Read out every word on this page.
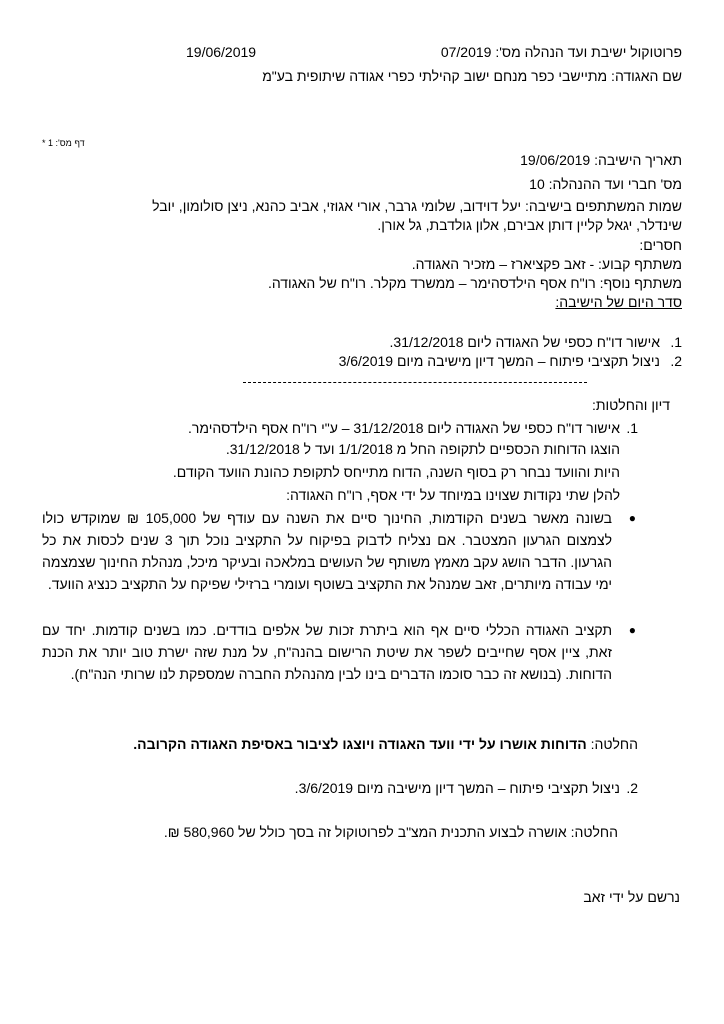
פרוטוקול ישיבת ועד הנהלה מס': 07/2019
19/06/2019
שם האגודה: מתיישבי כפר מנחם ישוב קהילתי כפרי אגודה שיתופית בע"מ
דף מס': 1 *
תאריך הישיבה: 19/06/2019
מס' חברי ועד ההנהלה: 10
שמות המשתתפים בישיבה: יעל דוידוב, שלומי גרבר, אורי אגוזי, אביב כהנא, ניצן סולומון, יובל
שינדלר, יגאל קליין דותן אבירם, אלון גולדבת, גל אורן.
חסרים:
משתתף קבוע: - זאב פקציארז – מזכיר האגודה.
משתתף נוסף: רו"ח אסף הילדסהימר – ממשרד מקלר. רו"ח של האגודה.
סדר היום של הישיבה:
1.
אישור דו"ח כספי של האגודה ליום 31/12/2018.
2.
ניצול תקציבי פיתוח – המשך דיון מישיבה מיום 3/6/2019
דיון והחלטות:
1.
אישור דו"ח כספי של האגודה ליום 31/12/2018 – ע"י רו"ח אסף הילדסהימר.
הוצגו הדוחות הכספיים לתקופה החל מ 1/1/2018 ועד ל 31/12/2018.
היות והוועד נבחר רק בסוף השנה, הדוח מתייחס לתקופת כהונת הוועד הקודם.
להלן שתי נקודות שצוינו במיוחד על ידי אסף, רו"ח האגודה:
●
בשונה מאשר בשנים הקודמות, החינוך סיים את השנה עם עודף של 105,000 ₪ שמוקדש כולו לצמצום הגרעון המצטבר. אם נצליח לדבוק בפיקוח על התקציב נוכל תוך 3 שנים לכסות את כל הגרעון. הדבר הושג עקב מאמץ משותף של העושים במלאכה ובעיקר מיכל, מנהלת החינוך שצמצמה ימי עבודה מיותרים, זאב שמנהל את התקציב בשוטף ועומרי ברזילי שפיקח על התקציב כנציג הוועד.
●
תקציב האגודה הכללי סיים אף הוא ביתרת זכות של אלפים בודדים. כמו בשנים קודמות. יחד עם זאת, ציין אסף שחייבים לשפר את שיטת הרישום בהנה"ח, על מנת שזה ישרת טוב יותר את הכנת הדוחות. (בנושא זה כבר סוכמו הדברים בינו לבין מהנהלת החברה שמספקת לנו שרותי הנה"ח).
החלטה: הדוחות אושרו על ידי וועד האגודה ויוצגו לציבור באסיפת האגודה הקרובה.
2.
ניצול תקציבי פיתוח – המשך דיון מישיבה מיום 3/6/2019.
החלטה: אושרה לבצוע התכנית המצ"ב לפרוטוקול זה בסך כולל של 580,960 ₪.
נרשם על ידי זאב
